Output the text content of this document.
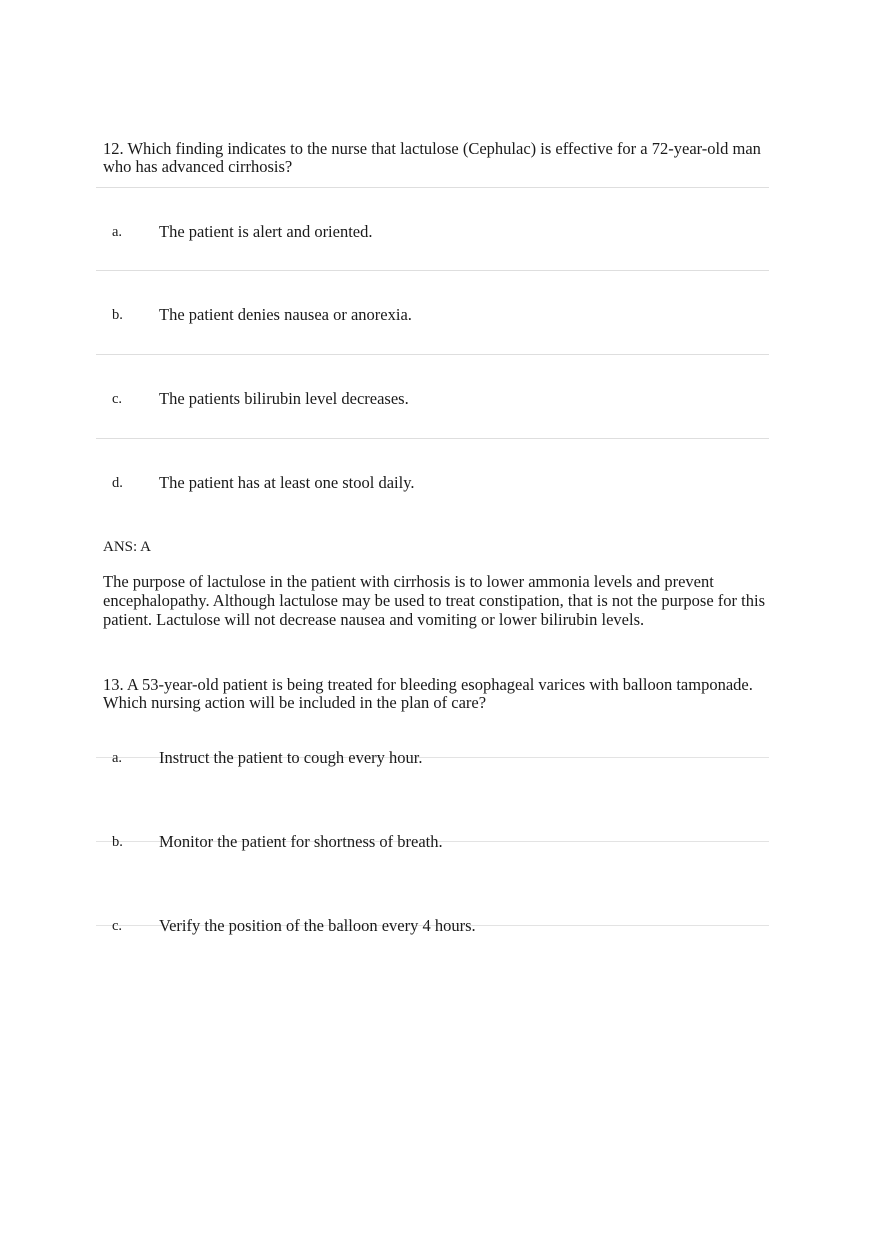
12. Which finding indicates to the nurse that lactulose (Cephulac) is effective for a 72-year-old man who has advanced cirrhosis?
a. The patient is alert and oriented.
b. The patient denies nausea or anorexia.
c. The patients bilirubin level decreases.
d. The patient has at least one stool daily.
ANS: A
The purpose of lactulose in the patient with cirrhosis is to lower ammonia levels and prevent encephalopathy. Although lactulose may be used to treat constipation, that is not the purpose for this patient. Lactulose will not decrease nausea and vomiting or lower bilirubin levels.
13. A 53-year-old patient is being treated for bleeding esophageal varices with balloon tamponade. Which nursing action will be included in the plan of care?
a. Instruct the patient to cough every hour.
b. Monitor the patient for shortness of breath.
c. Verify the position of the balloon every 4 hours.
